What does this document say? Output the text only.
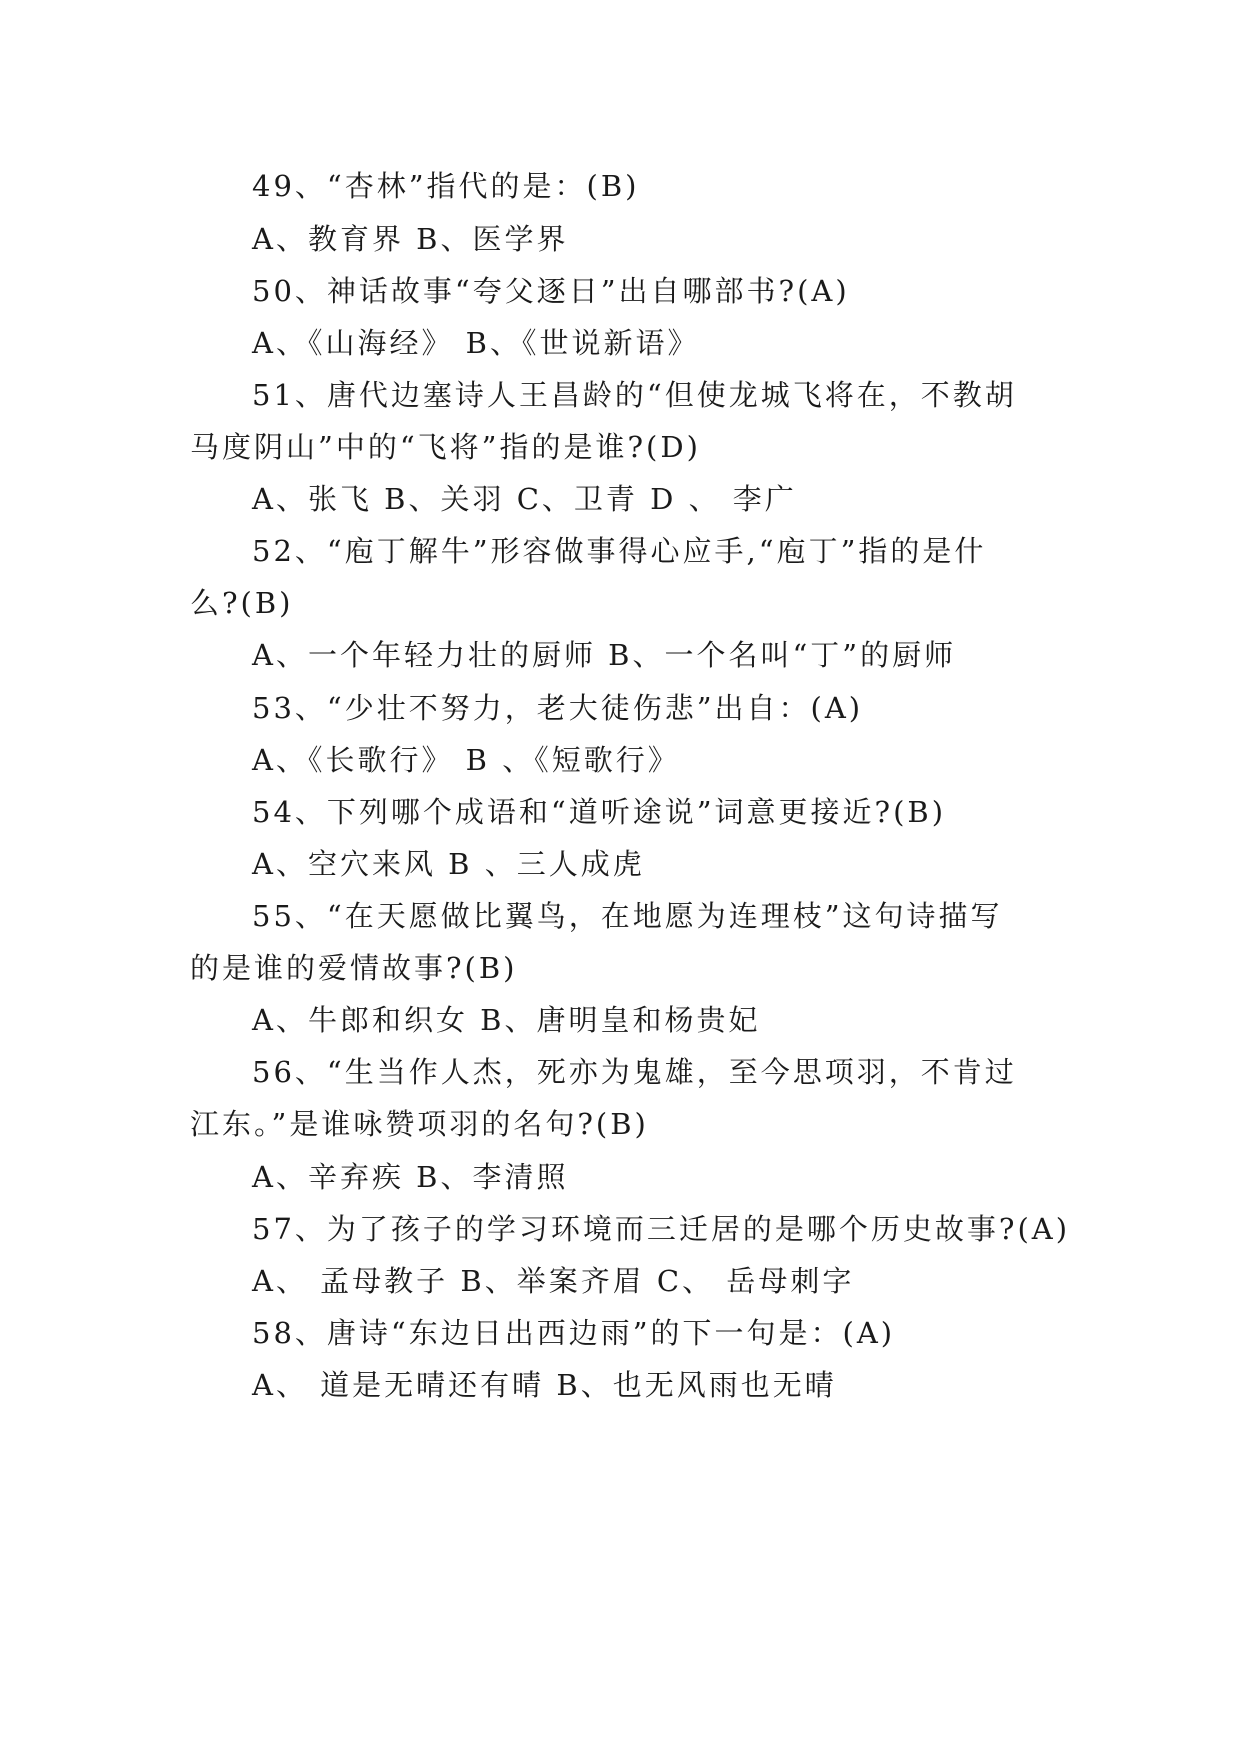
49、“杏林”指代的是：(B)
A、教育界 B、医学界
50、神话故事“夸父逐日”出自哪部书?(A)
A、《山海经》 B、《世说新语》
51、唐代边塞诗人王昌龄的“但使龙城飞将在，不教胡
马度阴山”中的“飞将”指的是谁?(D)
A、张飞 B、关羽 C、卫青 D 、 李广
52、“庖丁解牛”形容做事得心应手,“庖丁”指的是什
么?(B)
A、一个年轻力壮的厨师 B、一个名叫“丁”的厨师
53、“少壮不努力，老大徒伤悲”出自：(A)
A、《长歌行》 B 、《短歌行》
54、下列哪个成语和“道听途说”词意更接近?(B)
A、空穴来风 B 、三人成虎
55、“在天愿做比翼鸟，在地愿为连理枝”这句诗描写
的是谁的爱情故事?(B)
A、牛郎和织女 B、唐明皇和杨贵妃
56、“生当作人杰，死亦为鬼雄，至今思项羽，不肯过
江东。”是谁咏赞项羽的名句?(B)
A、辛弃疾 B、李清照
57、为了孩子的学习环境而三迁居的是哪个历史故事?(A)
A、 孟母教子 B、举案齐眉 C、 岳母刺字
58、唐诗“东边日出西边雨”的下一句是：(A)
A、 道是无晴还有晴 B、也无风雨也无晴
